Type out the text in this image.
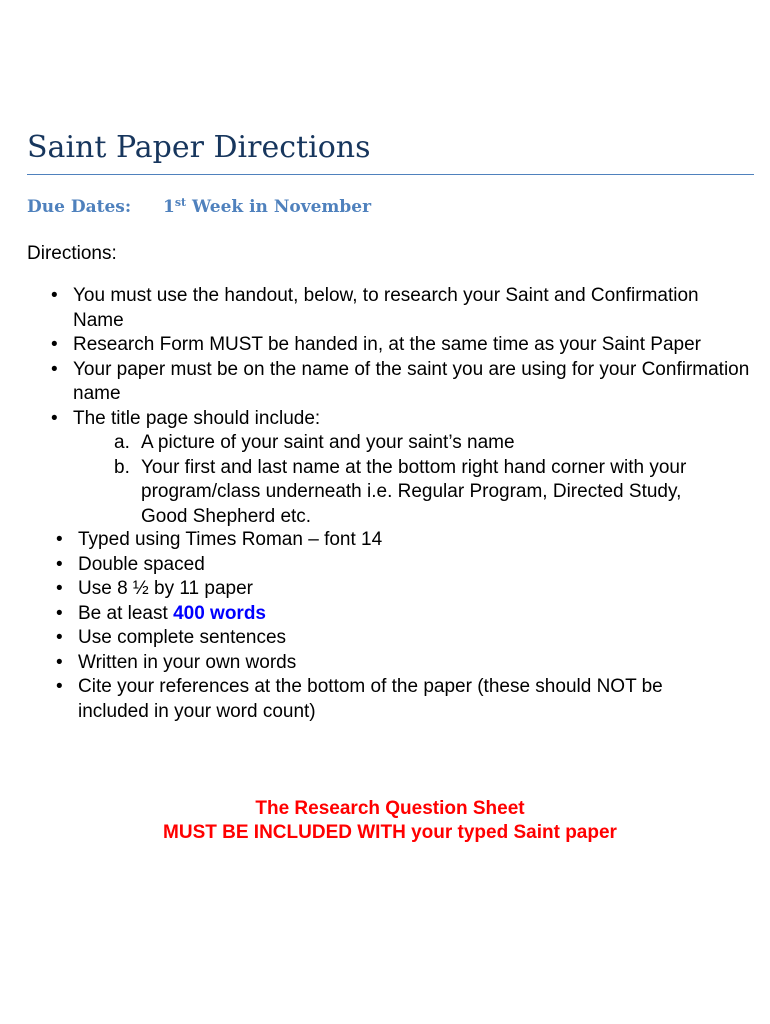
Saint Paper Directions
Due Dates: 1st Week in November
Directions:
• You must use the handout, below, to research your Saint and Confirmation Name
• Research Form MUST be handed in, at the same time as your Saint Paper
• Your paper must be on the name of the saint you are using for your Confirmation name
• The title page should include:
a. A picture of your saint and your saint’s name
b. Your first and last name at the bottom right hand corner with your program/class underneath i.e. Regular Program, Directed Study, Good Shepherd etc.
• Typed using Times Roman – font 14
• Double spaced
• Use 8 ½ by 11 paper
• Be at least 400 words
• Use complete sentences
• Written in your own words
• Cite your references at the bottom of the paper (these should NOT be included in your word count)
The Research Question Sheet
MUST BE INCLUDED WITH your typed Saint paper
